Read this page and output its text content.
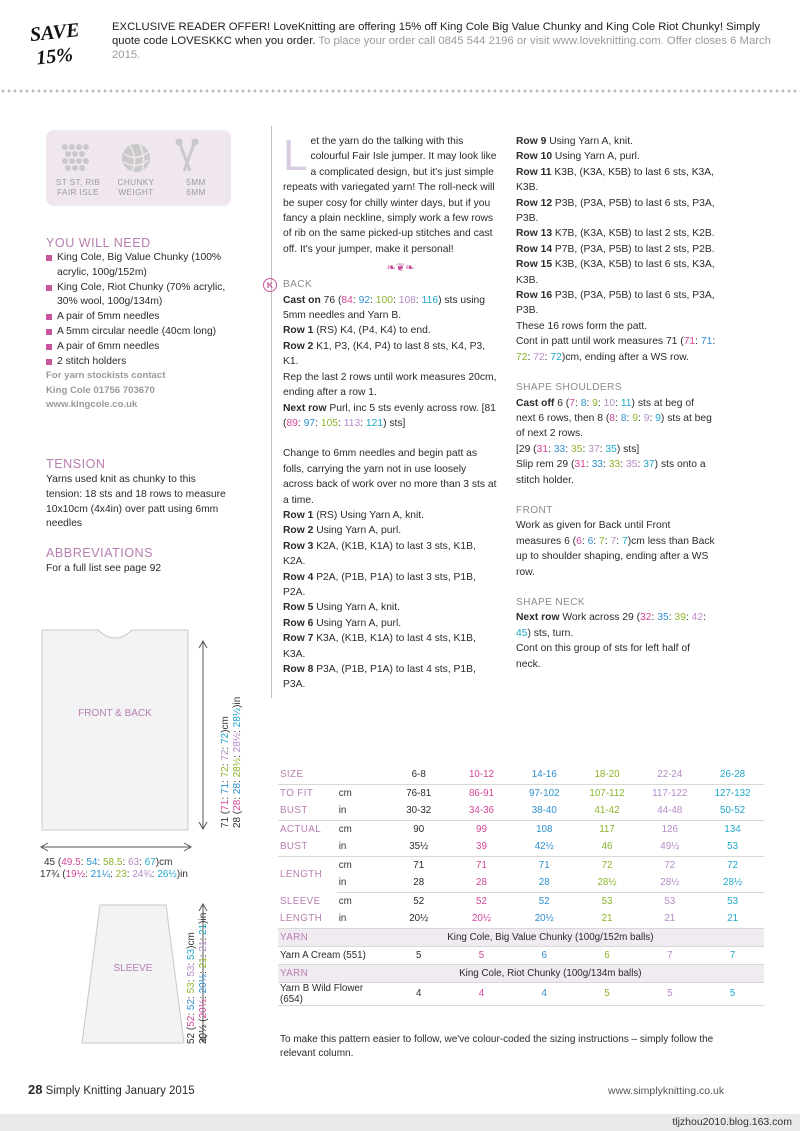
SAVE
15%
EXCLUSIVE READER OFFER! LoveKnitting are offering 15% off King Cole Big Value Chunky and King Cole Riot Chunky! Simply quote code LOVESKKC when you order. To place your order call 0845 544 2196 or visit www.loveknitting.com. Offer closes 6 March 2015.
ST ST, RIB
FAIR ISLE
CHUNKY
WEIGHT
5MM
6MM
YOU WILL NEED
King Cole, Big Value Chunky (100% acrylic, 100g/152m)
King Cole, Riot Chunky (70% acrylic, 30% wool, 100g/134m)
A pair of 5mm needles
A 5mm circular needle (40cm long)
A pair of 6mm needles
2 stitch holders
For yarn stockists contact
King Cole 01756 703670
www.kingcole.co.uk
TENSION
Yarns used knit as chunky to this tension: 18 sts and 18 rows to measure 10x10cm (4x4in) over patt using 6mm needles
ABBREVIATIONS
For a full list see page 92
FRONT & BACK
71 (71: 71: 72: 72: 72)cm
28 (28: 28: 28½: 28½: 28½)in
45 (49.5: 54: 58.5: 63: 67)cm
17¾ (19½: 21¼: 23: 24¾: 26½)in
SLEEVE
52 (52: 52: 53: 53: 53)cm
20½ (20½: 20½: 21: 21: 21)in

Let the yarn do the talking with this colourful Fair Isle jumper. It may look like a complicated design, but it's just simple repeats with variegated yarn! The roll-neck will be super cosy for chilly winter days, but if you fancy a plain neckline, simply work a few rows of rib on the same picked-up stitches and cast off. It's your jumper, make it personal!

❧❦❧

K BACK

Cast on 76 (84: 92: 100: 108: 116) sts using 5mm needles and Yarn B.

Row 1 (RS) K4, (P4, K4) to end.

Row 2 K1, P3, (K4, P4) to last 8 sts, K4, P3, K1.

Rep the last 2 rows until work measures 20cm, ending after a row 1.

Next row Purl, inc 5 sts evenly across row. [81 (89: 97: 105: 113: 121) sts]

Change to 6mm needles and begin patt as folls, carrying the yarn not in use loosely across back of work over no more than 3 sts at a time.

Row 1 (RS) Using Yarn A, knit.

Row 2 Using Yarn A, purl.

Row 3 K2A, (K1B, K1A) to last 3 sts, K1B, K2A.

Row 4 P2A, (P1B, P1A) to last 3 sts, P1B, P2A.

Row 5 Using Yarn A, knit.

Row 6 Using Yarn A, purl.

Row 7 K3A, (K1B, K1A) to last 4 sts, K1B, K3A.

Row 8 P3A, (P1B, P1A) to last 4 sts, P1B, P3A.

Row 9 Using Yarn A, knit.

Row 10 Using Yarn A, purl.

Row 11 K3B, (K3A, K5B) to last 6 sts, K3A, K3B.

Row 12 P3B, (P3A, P5B) to last 6 sts, P3A, P3B.

Row 13 K7B, (K3A, K5B) to last 2 sts, K2B.

Row 14 P7B, (P3A, P5B) to last 2 sts, P2B.

Row 15 K3B, (K3A, K5B) to last 6 sts, K3A, K3B.

Row 16 P3B, (P3A, P5B) to last 6 sts, P3A, P3B.

These 16 rows form the patt.

Cont in patt until work measures 71 (71: 71: 72: 72: 72)cm, ending after a WS row.

SHAPE SHOULDERS

Cast off 6 (7: 8: 9: 10: 11) sts at beg of next 6 rows, then 8 (8: 8: 9: 9: 9) sts at beg of next 2 rows.

[29 (31: 33: 35: 37: 35) sts]

Slip rem 29 (31: 33: 33: 35: 37) sts onto a stitch holder.

FRONT

Work as given for Back until Front measures 6 (6: 6: 7: 7: 7)cm less than Back up to shoulder shaping, ending after a WS row.

SHAPE NECK

Next row Work across 29 (32: 35: 39: 42: 45) sts, turn.

Cont on this group of sts for left half of neck.

SIZE		6-8	10-12	14-16	18-20	22-24	26-28
TO FIT	cm	76-81	86-91	97-102	107-112	117-122	127-132
BUST	in	30-32	34-36	38-40	41-42	44-48	50-52
ACTUAL	cm	90	99	108	117	126	134
BUST	in	35½	39	42½	46	49½	53
LENGTH	cm	71	71	71	72	72	72
	in	28	28	28	28½	28½	28½
SLEEVE	cm	52	52	52	53	53	53
LENGTH	in	20½	20½	20½	21	21	21
YARN	King Cole, Big Value Chunky (100g/152m balls)						
Yarn A Cream (551)		5	5	6	6	7	7
YARN	King Cole, Riot Chunky (100g/134m balls)						
Yarn B Wild Flower (654)		4	4	4	5	5	5
To make this pattern easier to follow, we've colour-coded the sizing instructions – simply follow the relevant column.
28 Simply Knitting January 2015	www.simplyknitting.co.uk
tljzhou2010.blog.163.com
